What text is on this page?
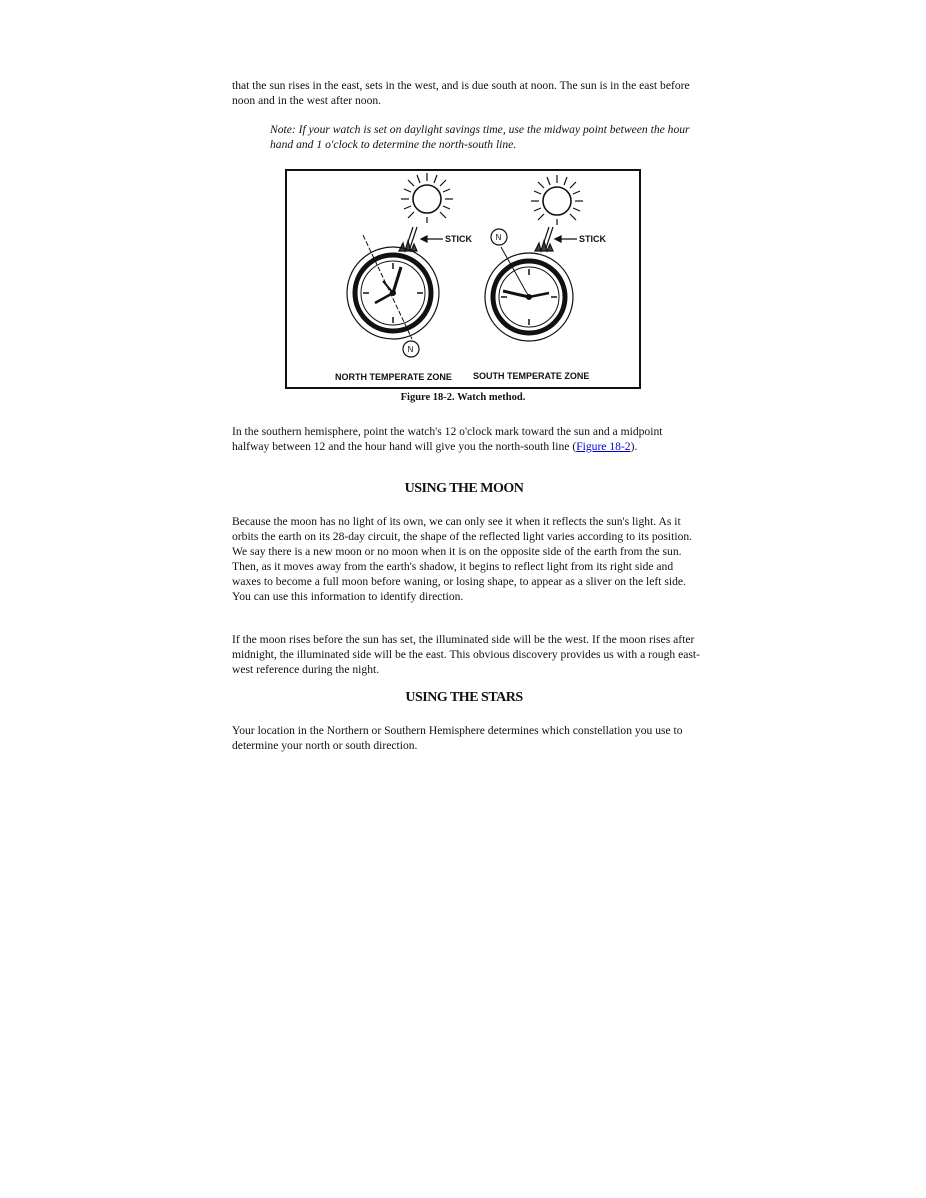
that the sun rises in the east, sets in the west, and is due south at noon. The sun is in the east before noon and in the west after noon.

Note: If your watch is set on daylight savings time, use the midway point between the hour hand and 1 o'clock to determine the north-south line.

STICK
N
STICK
N
NORTH TEMPERATE ZONE SOUTH TEMPERATE ZONE

Figure 18-2. Watch method.

In the southern hemisphere, point the watch's 12 o'clock mark toward the sun and a midpoint halfway between 12 and the hour hand will give you the north-south line (Figure 18-2).

USING THE MOON

Because the moon has no light of its own, we can only see it when it reflects the sun's light. As it orbits the earth on its 28-day circuit, the shape of the reflected light varies according to its position. We say there is a new moon or no moon when it is on the opposite side of the earth from the sun. Then, as it moves away from the earth's shadow, it begins to reflect light from its right side and waxes to become a full moon before waning, or losing shape, to appear as a sliver on the left side. You can use this information to identify direction.

If the moon rises before the sun has set, the illuminated side will be the west. If the moon rises after midnight, the illuminated side will be the east. This obvious discovery provides us with a rough east-west reference during the night.

USING THE STARS

Your location in the Northern or Southern Hemisphere determines which constellation you use to determine your north or south direction.
